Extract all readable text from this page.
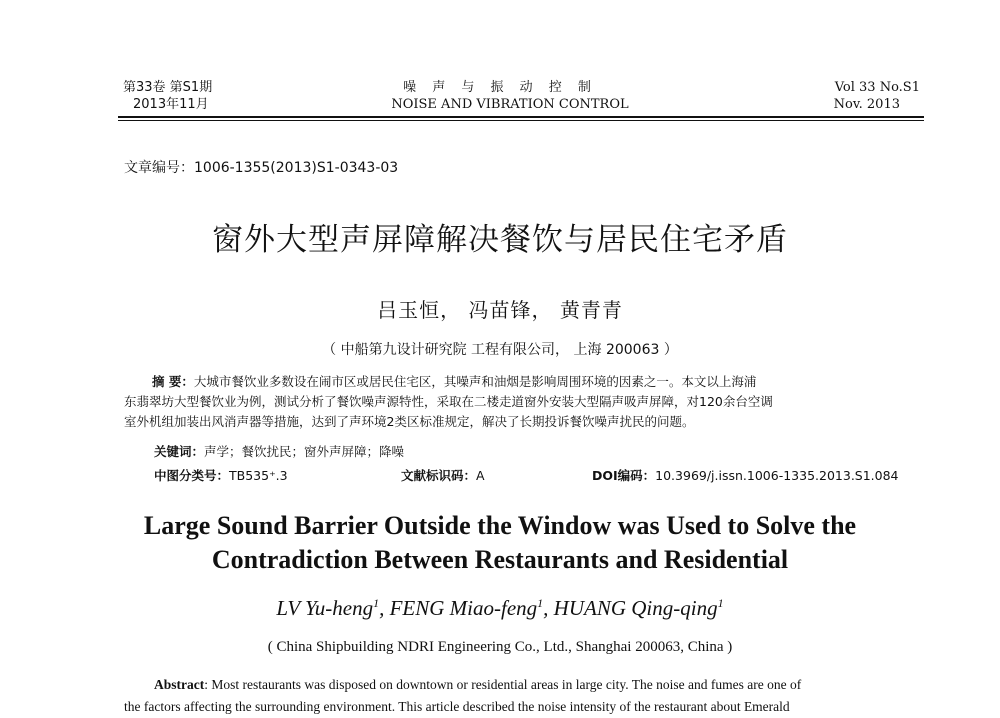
第33卷 第S1期
2013年11月
噪 声 与 振 动 控 制
NOISE AND VIBRATION CONTROL
Vol 33 No.S1
Nov. 2013
文章编号：1006-1355(2013)S1-0343-03
窗外大型声屏障解决餐饮与居民住宅矛盾
吕玉恒， 冯苗锋， 黄青青
（ 中船第九设计研究院 工程有限公司， 上海 200063 ）
摘 要：大城市餐饮业多数设在闹市区或居民住宅区，其噪声和油烟是影响周围环境的因素之一。本文以上海浦
东翡翠坊大型餐饮业为例，测试分析了餐饮噪声源特性，采取在二楼走道窗外安装大型隔声吸声屏障，对120余台空调
室外机组加装出风消声器等措施，达到了声环境2类区标准规定，解决了长期投诉餐饮噪声扰民的问题。
关键词：声学；餐饮扰民；窗外声屏障；降噪
中图分类号：TB535⁺.3	文献标识码：A	DOI编码：10.3969/j.issn.1006-1335.2013.S1.084
Large Sound Barrier Outside the Window was Used to Solve the
Contradiction Between Restaurants and Residential
LV Yu-heng$^1$, FENG Miao-feng$^1$, HUANG Qing-qing$^1$
( China Shipbuilding NDRI Engineering Co., Ltd., Shanghai 200063, China )
Abstract: Most restaurants was disposed on downtown or residential areas in large city. The noise and fumes are one of
the factors affecting the surrounding environment. This article described the noise intensity of the restaurant about Emerald
